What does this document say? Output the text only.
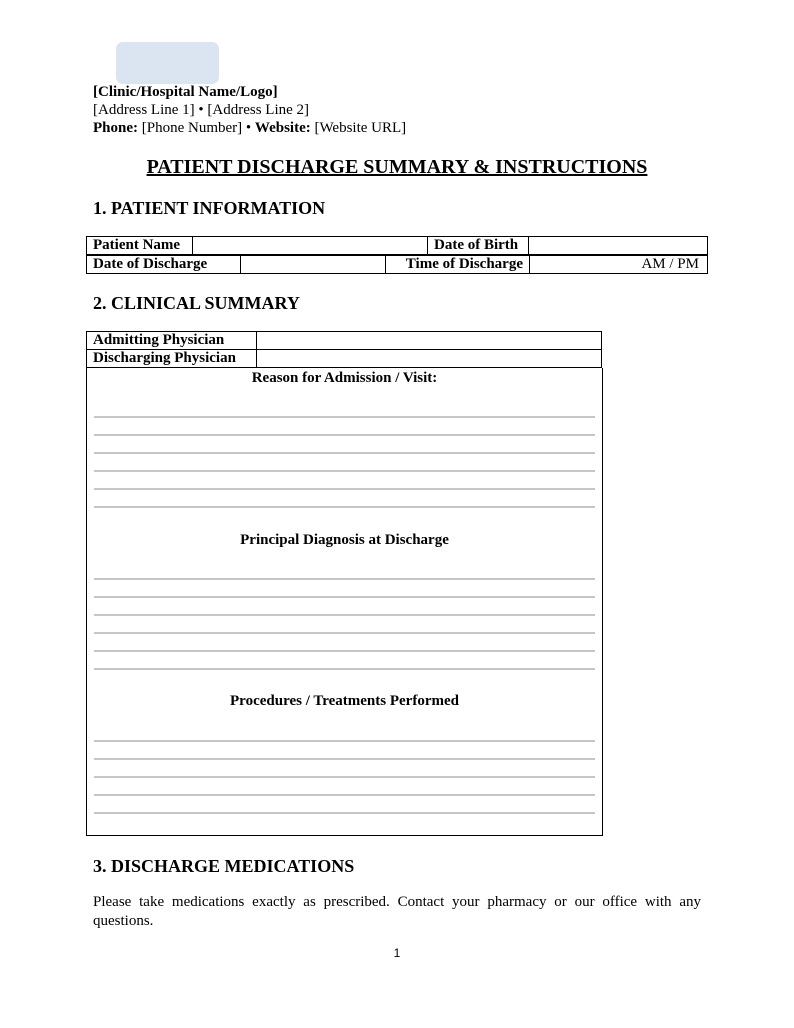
[Clinic/Hospital Name/Logo]
[Address Line 1] • [Address Line 2]
Phone: [Phone Number] • Website: [Website URL]
PATIENT DISCHARGE SUMMARY & INSTRUCTIONS
1. PATIENT INFORMATION
Patient Name		Date of Birth	
Date of Discharge		Time of Discharge	AM / PM
2. CLINICAL SUMMARY
Admitting Physician	
Discharging Physician	
Reason for Admission / Visit:
Principal Diagnosis at Discharge
Procedures / Treatments Performed
3. DISCHARGE MEDICATIONS
Please take medications exactly as prescribed. Contact your pharmacy or our office with any questions.
1
